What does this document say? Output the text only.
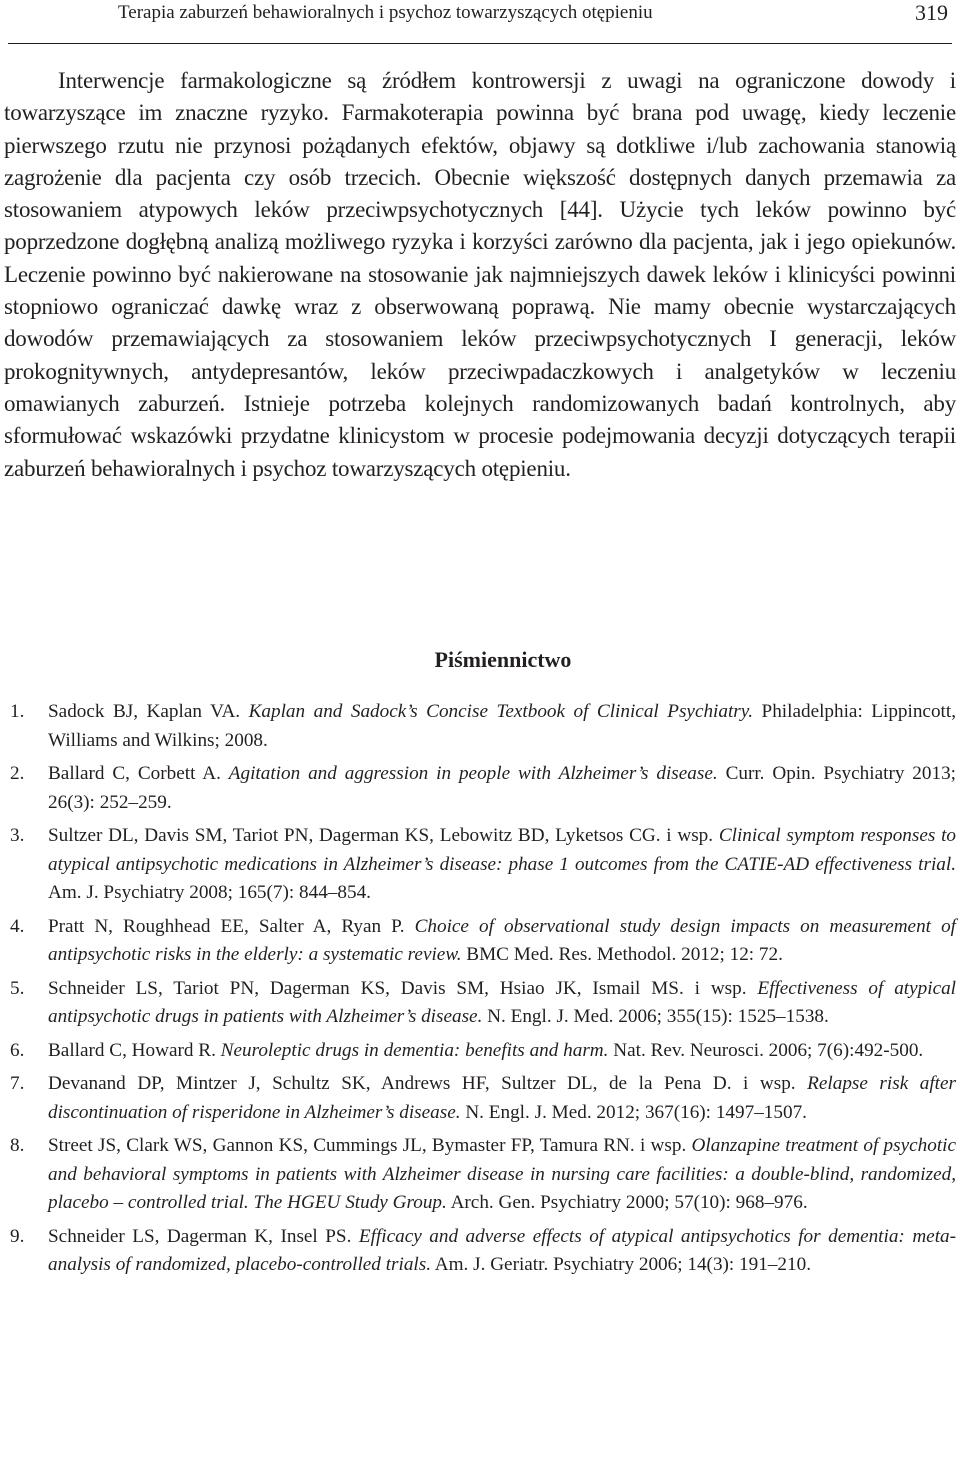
Terapia zaburzeń behawioralnych i psychoz towarzyszących otępieniu	319

Interwencje farmakologiczne są źródłem kontrowersji z uwagi na ograniczone dowody i towarzyszące im znaczne ryzyko. Farmakoterapia powinna być brana pod uwagę, kiedy leczenie pierwszego rzutu nie przynosi pożądanych efektów, objawy są dotkliwe i/lub zachowania stanowią zagrożenie dla pacjenta czy osób trzecich. Obecnie większość dostępnych danych przemawia za stosowaniem atypowych leków przeciwpsychotycznych [44]. Użycie tych leków powinno być poprzedzone dogłębną analizą możliwego ryzyka i korzyści zarówno dla pacjenta, jak i jego opiekunów. Leczenie powinno być nakierowane na stosowanie jak najmniejszych dawek leków i klinicyści powinni stopniowo ograniczać dawkę wraz z obserwowaną poprawą. Nie mamy obecnie wystarczających dowodów przemawiających za stosowaniem leków przeciwpsychotycznych I generacji, leków prokognitywnych, antydepresantów, leków przeciwpadaczkowych i analgetyków w leczeniu omawianych zaburzeń. Istnieje potrzeba kolejnych randomizowanych badań kontrolnych, aby sformułować wskazówki przydatne klinicystom w procesie podejmowania decyzji dotyczących terapii zaburzeń behawioralnych i psychoz towarzyszących otępieniu.

Piśmiennictwo
1. Sadock BJ, Kaplan VA. Kaplan and Sadock’s Concise Textbook of Clinical Psychiatry. Philadelphia: Lippincott, Williams and Wilkins; 2008.
2. Ballard C, Corbett A. Agitation and aggression in people with Alzheimer’s disease. Curr. Opin. Psychiatry 2013; 26(3): 252–259.
3. Sultzer DL, Davis SM, Tariot PN, Dagerman KS, Lebowitz BD, Lyketsos CG. i wsp. Clinical symptom responses to atypical antipsychotic medications in Alzheimer’s disease: phase 1 outcomes from the CATIE-AD effectiveness trial. Am. J. Psychiatry 2008; 165(7): 844–854.
4. Pratt N, Roughhead EE, Salter A, Ryan P. Choice of observational study design impacts on measurement of antipsychotic risks in the elderly: a systematic review. BMC Med. Res. Methodol. 2012; 12: 72.
5. Schneider LS, Tariot PN, Dagerman KS, Davis SM, Hsiao JK, Ismail MS. i wsp. Effectiveness of atypical antipsychotic drugs in patients with Alzheimer’s disease. N. Engl. J. Med. 2006; 355(15): 1525–1538.
6. Ballard C, Howard R. Neuroleptic drugs in dementia: benefits and harm. Nat. Rev. Neurosci. 2006; 7(6):492-500.
7. Devanand DP, Mintzer J, Schultz SK, Andrews HF, Sultzer DL, de la Pena D. i wsp. Relapse risk after discontinuation of risperidone in Alzheimer’s disease. N. Engl. J. Med. 2012; 367(16): 1497–1507.
8. Street JS, Clark WS, Gannon KS, Cummings JL, Bymaster FP, Tamura RN. i wsp. Olanzapine treatment of psychotic and behavioral symptoms in patients with Alzheimer disease in nursing care facilities: a double-blind, randomized, placebo – controlled trial. The HGEU Study Group. Arch. Gen. Psychiatry 2000; 57(10): 968–976.
9. Schneider LS, Dagerman K, Insel PS. Efficacy and adverse effects of atypical antipsychotics for dementia: meta-analysis of randomized, placebo-controlled trials. Am. J. Geriatr. Psychiatry 2006; 14(3): 191–210.
